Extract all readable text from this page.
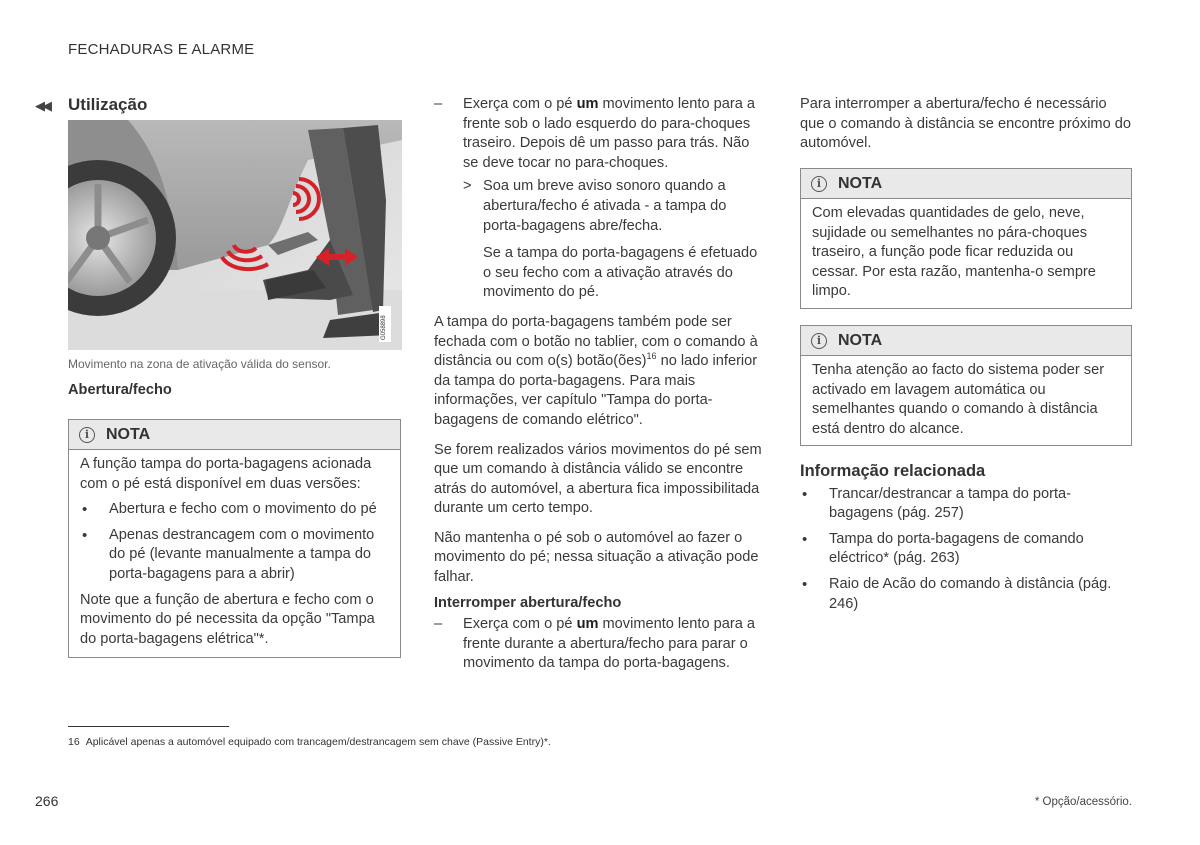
FECHADURAS E ALARME
◀◀ Utilização
G058898
Movimento na zona de ativação válida do sensor.
Abertura/fecho
i	NOTA

A função tampa do porta-bagagens acionada com o pé está disponível em duas versões:

• Abertura e fecho com o movimento do pé
• Apenas destrancagem com o movimento do pé (levante manualmente a tampa do porta-bagagens para a abrir)

Note que a função de abertura e fecho com o movimento do pé necessita da opção "Tampa do porta-bagagens elétrica"*.

– Exerça com o pé um movimento lento para a frente sob o lado esquerdo do para-choques traseiro. Depois dê um passo para trás. Não se deve tocar no para-choques.
> Soa um breve aviso sonoro quando a abertura/fecho é ativada - a tampa do porta-bagagens abre/fecha.

Se a tampa do porta-bagagens é efetuado o seu fecho com a ativação através do movimento do pé.

A tampa do porta-bagagens também pode ser fechada com o botão no tablier, com o comando à distância ou com o(s) botão(ões)$^{16}$ no lado inferior da tampa do porta-bagagens. Para mais informações, ver capítulo "Tampa do porta-bagagens de comando elétrico".

Se forem realizados vários movimentos do pé sem que um comando à distância válido se encontre atrás do automóvel, a abertura fica impossibilitada durante um certo tempo.

Não mantenha o pé sob o automóvel ao fazer o movimento do pé; nessa situação a ativação pode falhar.

Interromper abertura/fecho
– Exerça com o pé um movimento lento para a frente durante a abertura/fecho para parar o movimento da tampa do porta-bagagens.
Para interromper a abertura/fecho é necessário que o comando à distância se encontre próximo do automóvel.
i	NOTA

Com elevadas quantidades de gelo, neve, sujidade ou semelhantes no pára-choques traseiro, a função pode ficar reduzida ou cessar. Por esta razão, mantenha-o sempre limpo.

i	NOTA

Tenha atenção ao facto do sistema poder ser activado em lavagem automática ou semelhantes quando o comando à distância está dentro do alcance.

Informação relacionada
• Trancar/destrancar a tampa do porta-bagagens (pág. 257)
• Tampa do porta-bagagens de comando eléctrico* (pág. 263)
• Raio de Acão do comando à distância (pág. 246)
16 Aplicável apenas a automóvel equipado com trancagem/destrancagem sem chave (Passive Entry)*.
266	* Opção/acessório.
